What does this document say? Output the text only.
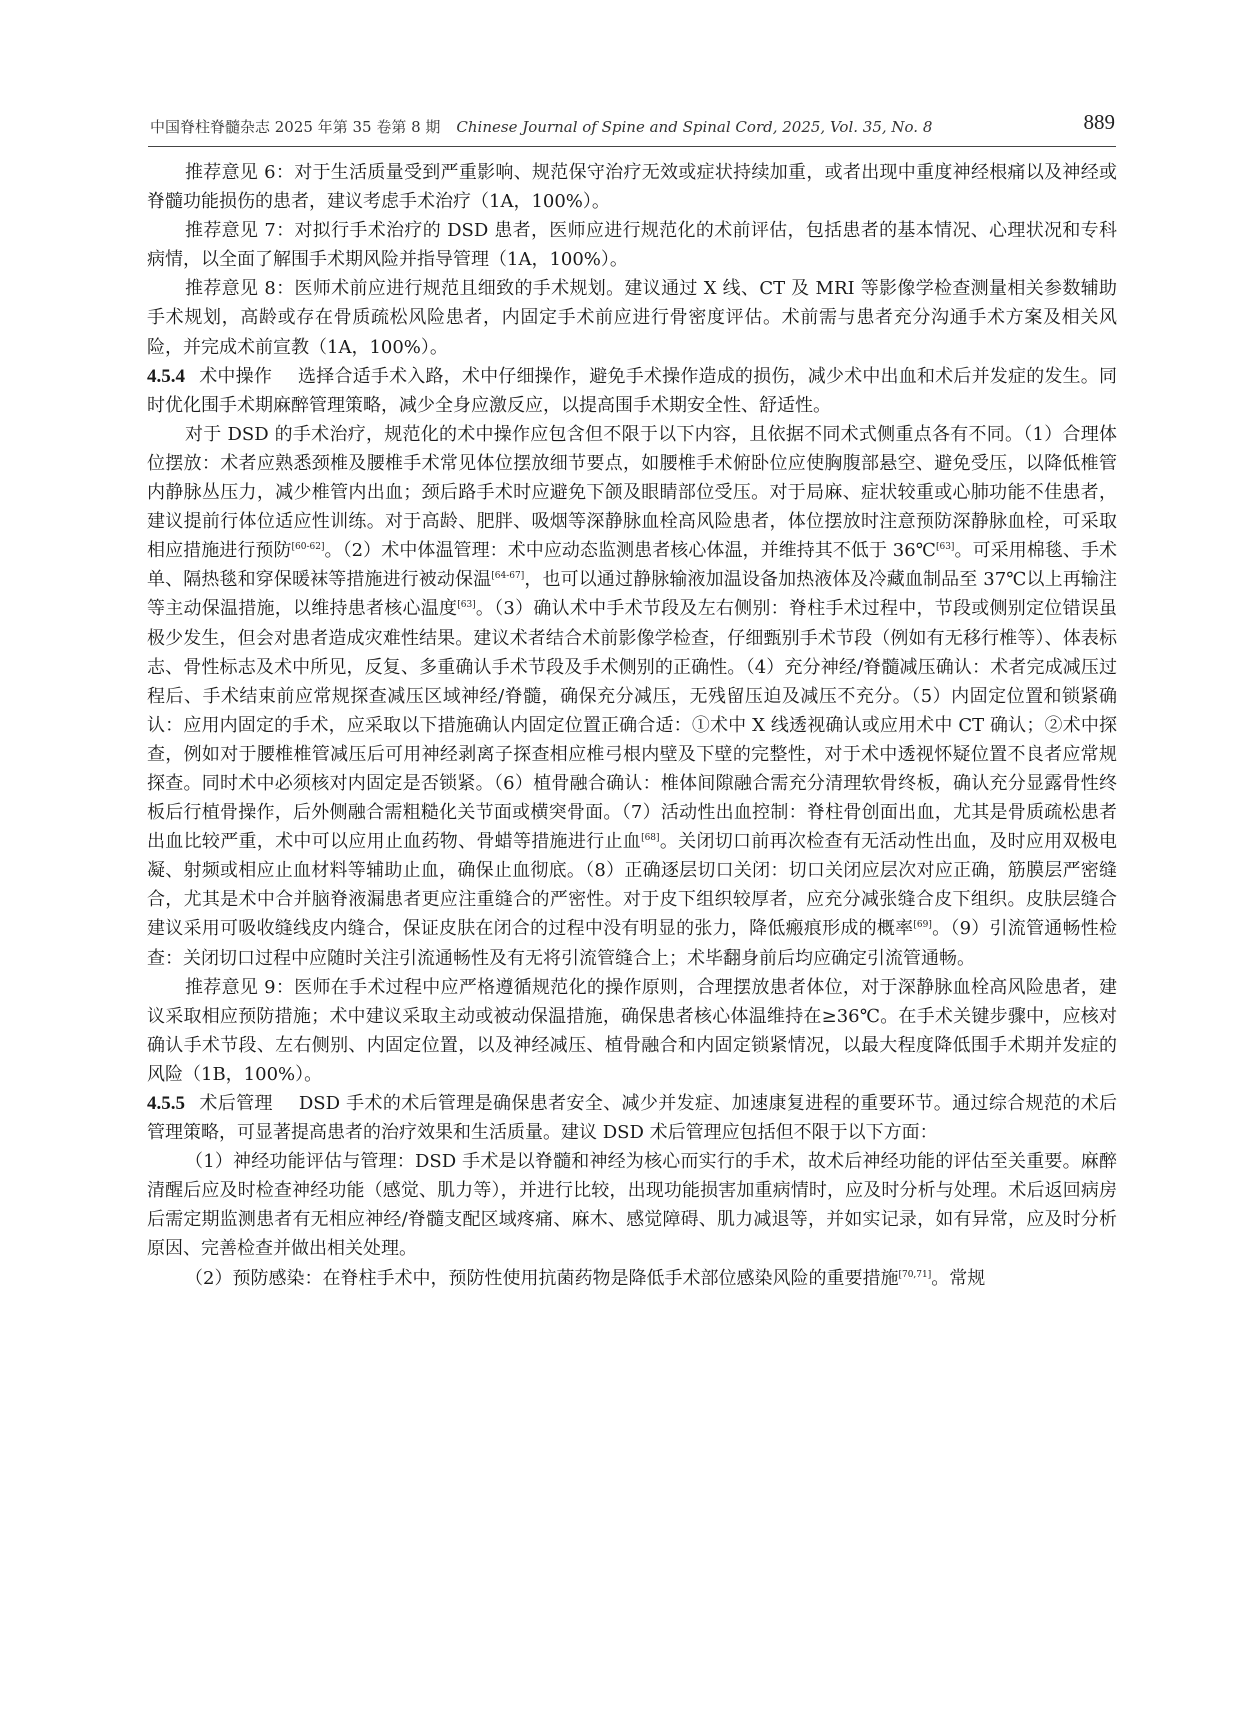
中国脊柱脊髓杂志 2025 年第 35 卷第 8 期 Chinese Journal of Spine and Spinal Cord, 2025, Vol. 35, No. 8	889

推荐意见 6：对于生活质量受到严重影响、规范保守治疗无效或症状持续加重，或者出现中重度神经根痛以及神经或脊髓功能损伤的患者，建议考虑手术治疗（1A，100%）。

推荐意见 7：对拟行手术治疗的 DSD 患者，医师应进行规范化的术前评估，包括患者的基本情况、心理状况和专科病情，以全面了解围手术期风险并指导管理（1A，100%）。

推荐意见 8：医师术前应进行规范且细致的手术规划。建议通过 X 线、CT 及 MRI 等影像学检查测量相关参数辅助手术规划，高龄或存在骨质疏松风险患者，内固定手术前应进行骨密度评估。术前需与患者充分沟通手术方案及相关风险，并完成术前宣教（1A，100%）。

4.5.4 术中操作 选择合适手术入路，术中仔细操作，避免手术操作造成的损伤，减少术中出血和术后并发症的发生。同时优化围手术期麻醉管理策略，减少全身应激反应，以提高围手术期安全性、舒适性。

对于 DSD 的手术治疗，规范化的术中操作应包含但不限于以下内容，且依据不同术式侧重点各有不同。（1）合理体位摆放：术者应熟悉颈椎及腰椎手术常见体位摆放细节要点，如腰椎手术俯卧位应使胸腹部悬空、避免受压，以降低椎管内静脉丛压力，减少椎管内出血；颈后路手术时应避免下颌及眼睛部位受压。对于局麻、症状较重或心肺功能不佳患者，建议提前行体位适应性训练。对于高龄、肥胖、吸烟等深静脉血栓高风险患者，体位摆放时注意预防深静脉血栓，可采取相应措施进行预防[60-62]。（2）术中体温管理：术中应动态监测患者核心体温，并维持其不低于 36℃[63]。可采用棉毯、手术单、隔热毯和穿保暖袜等措施进行被动保温[64-67]，也可以通过静脉输液加温设备加热液体及冷藏血制品至 37℃以上再输注等主动保温措施，以维持患者核心温度[63]。（3）确认术中手术节段及左右侧别：脊柱手术过程中，节段或侧别定位错误虽极少发生，但会对患者造成灾难性结果。建议术者结合术前影像学检查，仔细甄别手术节段（例如有无移行椎等）、体表标志、骨性标志及术中所见，反复、多重确认手术节段及手术侧别的正确性。（4）充分神经/脊髓减压确认：术者完成减压过程后、手术结束前应常规探查减压区域神经/脊髓，确保充分减压，无残留压迫及减压不充分。（5）内固定位置和锁紧确认：应用内固定的手术，应采取以下措施确认内固定位置正确合适：①术中 X 线透视确认或应用术中 CT 确认；②术中探查，例如对于腰椎椎管减压后可用神经剥离子探查相应椎弓根内壁及下壁的完整性，对于术中透视怀疑位置不良者应常规探查。同时术中必须核对内固定是否锁紧。（6）植骨融合确认：椎体间隙融合需充分清理软骨终板，确认充分显露骨性终板后行植骨操作，后外侧融合需粗糙化关节面或横突骨面。（7）活动性出血控制：脊柱骨创面出血，尤其是骨质疏松患者出血比较严重，术中可以应用止血药物、骨蜡等措施进行止血[68]。关闭切口前再次检查有无活动性出血，及时应用双极电凝、射频或相应止血材料等辅助止血，确保止血彻底。（8）正确逐层切口关闭：切口关闭应层次对应正确，筋膜层严密缝合，尤其是术中合并脑脊液漏患者更应注重缝合的严密性。对于皮下组织较厚者，应充分减张缝合皮下组织。皮肤层缝合建议采用可吸收缝线皮内缝合，保证皮肤在闭合的过程中没有明显的张力，降低瘢痕形成的概率[69]。（9）引流管通畅性检查：关闭切口过程中应随时关注引流通畅性及有无将引流管缝合上；术毕翻身前后均应确定引流管通畅。

推荐意见 9：医师在手术过程中应严格遵循规范化的操作原则，合理摆放患者体位，对于深静脉血栓高风险患者，建议采取相应预防措施；术中建议采取主动或被动保温措施，确保患者核心体温维持在≥36℃。在手术关键步骤中，应核对确认手术节段、左右侧别、内固定位置，以及神经减压、植骨融合和内固定锁紧情况，以最大程度降低围手术期并发症的风险（1B，100%）。

4.5.5 术后管理 DSD 手术的术后管理是确保患者安全、减少并发症、加速康复进程的重要环节。通过综合规范的术后管理策略，可显著提高患者的治疗效果和生活质量。建议 DSD 术后管理应包括但不限于以下方面：

（1）神经功能评估与管理：DSD 手术是以脊髓和神经为核心而实行的手术，故术后神经功能的评估至关重要。麻醉清醒后应及时检查神经功能（感觉、肌力等），并进行比较，出现功能损害加重病情时，应及时分析与处理。术后返回病房后需定期监测患者有无相应神经/脊髓支配区域疼痛、麻木、感觉障碍、肌力减退等，并如实记录，如有异常，应及时分析原因、完善检查并做出相关处理。

（2）预防感染：在脊柱手术中，预防性使用抗菌药物是降低手术部位感染风险的重要措施[70,71]。常规
